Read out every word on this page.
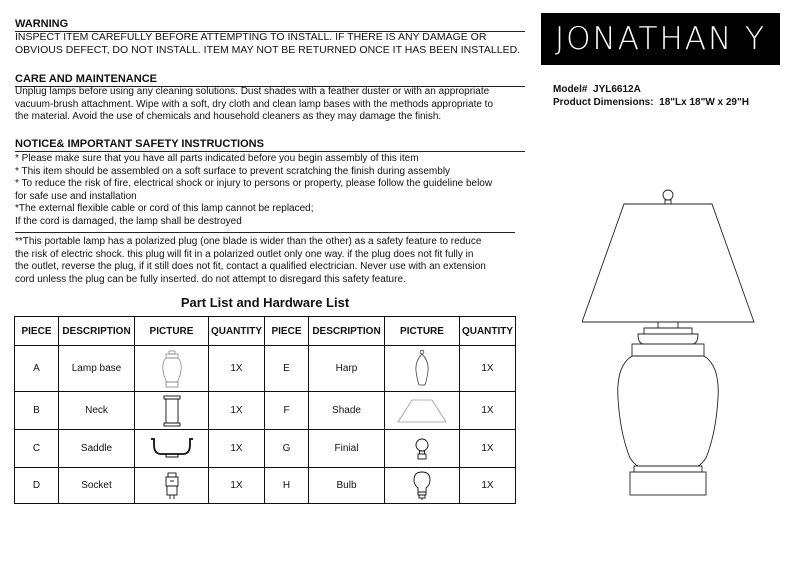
WARNING
INSPECT ITEM CAREFULLY BEFORE ATTEMPTING TO INSTALL. IF THERE IS ANY DAMAGE OR
OBVIOUS DEFECT, DO NOT INSTALL. ITEM MAY NOT BE RETURNED ONCE IT HAS BEEN INSTALLED.
CARE AND MAINTENANCE
Unplug lamps before using any cleaning solutions. Dust shades with a feather duster or with an appropriate
vacuum-brush attachment. Wipe with a soft, dry cloth and clean lamp bases with the methods appropriate to
the material. Avoid the use of chemicals and household cleaners as they may damage the finish.
NOTICE& IMPORTANT SAFETY INSTRUCTIONS
* Please make sure that you have all parts indicated before you begin assembly of this item
* This item should be assembled on a soft surface to prevent scratching the finish during assembly
* To reduce the risk of fire, electrical shock or injury to persons or property, please follow the guideline below
for safe use and installation
*The external flexible cable or cord of this lamp cannot be replaced;
If the cord is damaged, the lamp shall be destroyed
**This portable lamp has a polarized plug (one blade is wider than the other) as a safety feature to reduce
the risk of electric shock. this plug will fit in a polarized outlet only one way. if the plug does not fit fully in
the outlet, reverse the plug, if it still does not fit, contact a qualified electrician. Never use with an extension
cord unless the plug can be fully inserted. do not attempt to disregard this safety feature.
JONATHAN Y
Model# JYL6612A
Product Dimensions: 18"Lx 18"W x 29"H
Part List and Hardware List
PIECE	DESCRIPTION	PICTURE	QUANTITY	PIECE	DESCRIPTION	PICTURE	QUANTITY
A	Lamp base		1X	E	Harp		1X
B	Neck		1X	F	Shade		1X
C	Saddle		1X	G	Finial		1X
D	Socket		1X	H	Bulb		1X
